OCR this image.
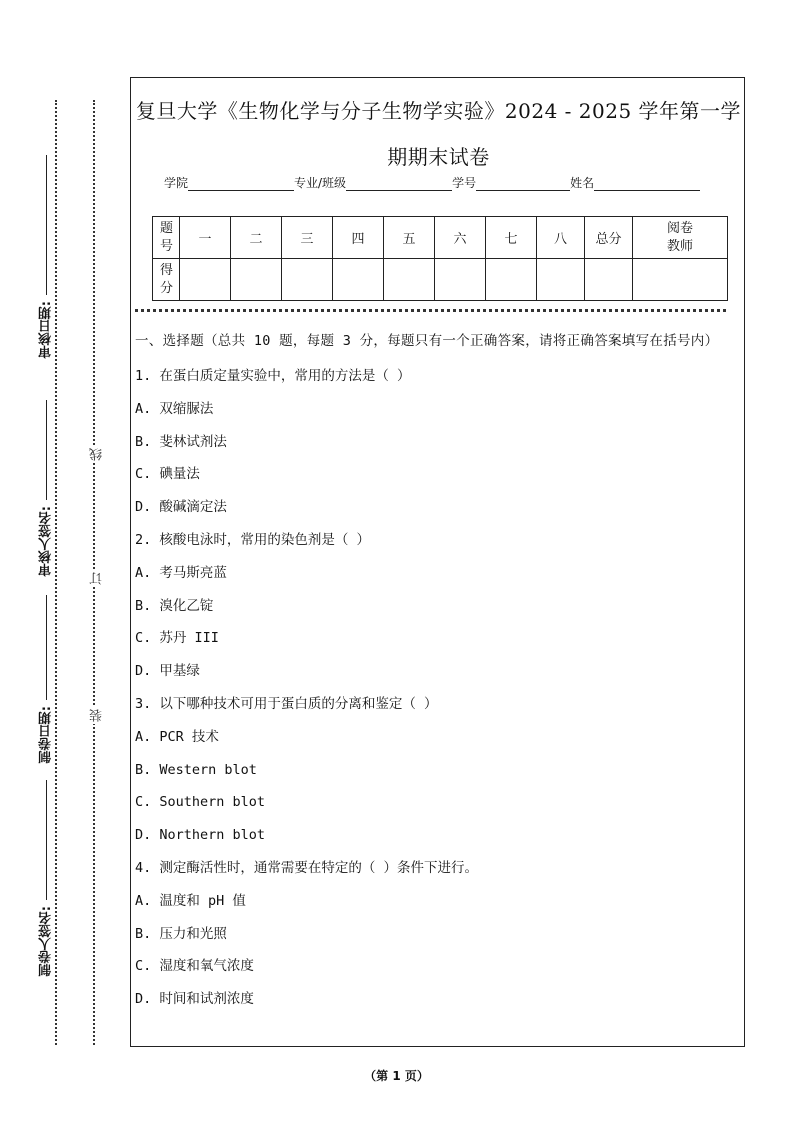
审核日期:
审核人签名:
制卷日期:
制卷人签名:
线
订
装
复旦大学《生物化学与分子生物学实验》2024 - 2025 学年第一学
期期末试卷
学院	专业/班级	学号	姓名
题号	一	二	三	四	五	六	七	八	总分	阅卷教师

得分										

一、选择题（总共 10 题，每题 3 分，每题只有一个正确答案，请将正确答案填写在括号内）
1. 在蛋白质定量实验中，常用的方法是（ ）
A. 双缩脲法
B. 斐林试剂法
C. 碘量法
D. 酸碱滴定法
2. 核酸电泳时，常用的染色剂是（ ）
A. 考马斯亮蓝
B. 溴化乙锭
C. 苏丹 III
D. 甲基绿
3. 以下哪种技术可用于蛋白质的分离和鉴定（ ）
A. PCR 技术
B. Western blot
C. Southern blot
D. Northern blot
4. 测定酶活性时，通常需要在特定的（ ）条件下进行。
A. 温度和 pH 值
B. 压力和光照
C. 湿度和氧气浓度
D. 时间和试剂浓度
（第 1 页）
